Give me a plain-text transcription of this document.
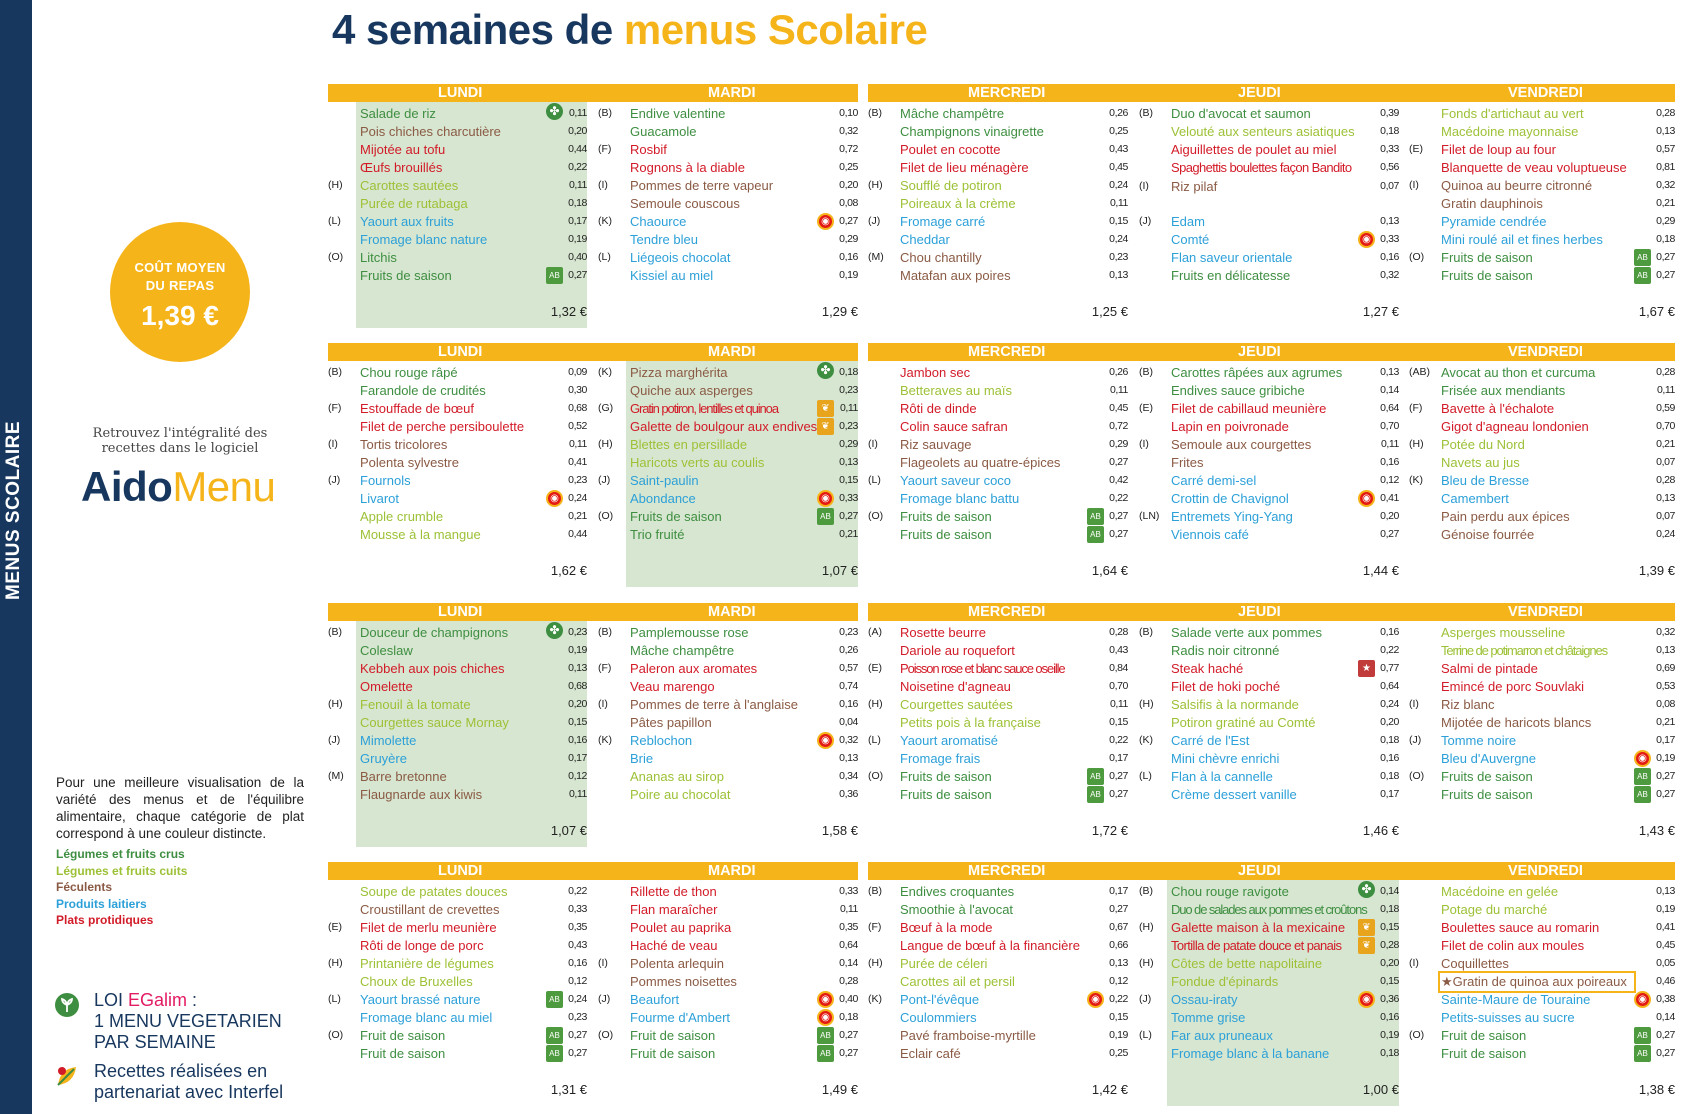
MENUS SCOLAIRE
4 semaines de menus Scolaire
COÛT MOYEN
DU REPAS
1,39 €
Retrouvez l'intégralité des recettes dans le logiciel
AidoMenu
Pour une meilleure visualisation de la variété des menus et de l'équilibre alimentaire, chaque catégorie de plat correspond à une couleur distincte.
Légumes et fruits crus
Légumes et fruits cuits
Féculents
Produits laitiers
Plats protidiques
LOI EGalim :
1 MENU VEGETARIEN
PAR SEMAINE
Recettes réalisées en
partenariat avec Interfel
LUNDI	MARDI
✤
Salade de riz	0,11
Pois chiches charcutière	0,20
Mijotée au tofu	0,44
Œufs brouillés	0,22
(H) Carottes sautées	0,11
Purée de rutabaga	0,18
(L) Yaourt aux fruits	0,17
Fromage blanc nature	0,19
(O) Litchis	0,40
Fruits de saison	AB 0,27
1,32 €
(B) Endive valentine	0,10
Guacamole	0,32
(F) Rosbif	0,72
Rognons à la diable	0,25
(I) Pommes de terre vapeur	0,20
Semoule couscous	0,08
(K) Chaource	◉ 0,27
Tendre bleu	0,29
(L) Liégeois chocolat	0,16
Kissiel au miel	0,19
1,29 €
MERCREDI	JEUDI	VENDREDI
(B) Mâche champêtre	0,26
Champignons vinaigrette	0,25
Poulet en cocotte	0,43
Filet de lieu ménagère	0,45
(H) Soufflé de potiron	0,24
Poireaux à la crème	0,11
(J) Fromage carré	0,15
Cheddar	0,24
(M) Chou chantilly	0,23
Matafan aux poires	0,13
1,25 €
(B) Duo d'avocat et saumon	0,39
Velouté aux senteurs asiatiques 0,18
Aiguillettes de poulet au miel	0,33
Spaghettis boulettes façon Bandito	0,56
(I) Riz pilaf	0,07
(J) Edam	0,13
Comté	◉ 0,33
Flan saveur orientale	0,16
Fruits en délicatesse	0,32
1,27 €
Fonds d'artichaut au vert	0,28
Macédoine mayonnaise	0,13
(E) Filet de loup au four	0,57
Blanquette de veau voluptueuse	0,81
(I) Quinoa au beurre citronné	0,32
Gratin dauphinois	0,21
Pyramide cendrée	0,29
Mini roulé ail et fines herbes	0,18
(O) Fruits de saison	AB 0,27
Fruits de saison	AB 0,27
1,67 €
LUNDI	MARDI
(B) Chou rouge râpé	0,09
Farandole de crudités	0,30
(F) Estouffade de bœuf	0,68
Filet de perche persiboulette	0,52
(I) Tortis tricolores	0,11
Polenta sylvestre	0,41
(J) Fournols	0,23
Livarot	◉ 0,24
Apple crumble	0,21
Mousse à la mangue	0,44
1,62 €
✤
(K) Pizza marghérita	0,18
Quiche aux asperges	0,23
(G) Gratin potiron, lentilles et quinoa	❦ 0,11
Galette de boulgour aux endives ❦ 0,23
(H) Blettes en persillade	0,29
Haricots verts au coulis	0,13
(J) Saint-paulin	0,15
Abondance	◉ 0,33
(O) Fruits de saison	AB 0,27
Trio fruité	0,21
1,07 €
MERCREDI	JEUDI	VENDREDI
Jambon sec	0,26
Betteraves au maïs	0,11
Rôti de dinde	0,45
Colin sauce safran	0,72
(I) Riz sauvage	0,29
Flageolets au quatre-épices	0,27
(L) Yaourt saveur coco	0,42
Fromage blanc battu	0,22
(O) Fruits de saison	AB 0,27
Fruits de saison	AB 0,27
1,64 €
(B) Carottes râpées aux agrumes	0,13
Endives sauce gribiche	0,14
(E) Filet de cabillaud meunière	0,64
Lapin en poivronade	0,70
(I) Semoule aux courgettes	0,11
Frites	0,16
Carré demi-sel	0,12
Crottin de Chavignol	◉ 0,41
(LN) Entremets Ying-Yang	0,20
Viennois café	0,27
1,44 €
(AB) Avocat au thon et curcuma	0,28
Frisée aux mendiants	0,11
(F) Bavette à l'échalote	0,59
Gigot d'agneau londonien	0,70
(H) Potée du Nord	0,21
Navets au jus	0,07
(K) Bleu de Bresse	0,28
Camembert	0,13
Pain perdu aux épices	0,07
Génoise fourrée	0,24
1,39 €
LUNDI	MARDI
✤
(B) Douceur de champignons	0,23
Coleslaw	0,19
Kebbeh aux pois chiches	0,13
Omelette	0,68
(H) Fenouil à la tomate	0,20
Courgettes sauce Mornay	0,15
(J) Mimolette	0,16
Gruyère	0,17
(M) Barre bretonne	0,12
Flaugnarde aux kiwis	0,11
1,07 €
(B) Pamplemousse rose	0,23
Mâche champêtre	0,26
(F) Paleron aux aromates	0,57
Veau marengo	0,74
(I) Pommes de terre à l'anglaise	0,16
Pâtes papillon	0,04
(K) Reblochon	◉ 0,32
Brie	0,13
Ananas au sirop	0,34
Poire au chocolat	0,36
1,58 €
MERCREDI	JEUDI	VENDREDI
(A) Rosette beurre	0,28
Dariole au roquefort	0,43
(E) Poisson rose et blanc sauce oseille	0,84
Noisetine d'agneau	0,70
(H) Courgettes sautées	0,11
Petits pois à la française	0,15
(L) Yaourt aromatisé	0,22
Fromage frais	0,17
(O) Fruits de saison	AB 0,27
Fruits de saison	AB 0,27
1,72 €
(B) Salade verte aux pommes	0,16
Radis noir citronné	0,22
Steak haché	★ 0,77
Filet de hoki poché	0,64
(H) Salsifis à la normande	0,24
Potiron gratiné au Comté	0,20
(K) Carré de l'Est	0,18
Mini chèvre enrichi	0,16
(L) Flan à la cannelle	0,18
Crème dessert vanille	0,17
1,46 €
Asperges mousseline	0,32
Terrine de potimarron et châtaignes	0,13
Salmi de pintade	0,69
Emincé de porc Souvlaki	0,53
(I) Riz blanc	0,08
Mijotée de haricots blancs	0,21
(J) Tomme noire	0,17
Bleu d'Auvergne	◉ 0,19
(O) Fruits de saison	AB 0,27
Fruits de saison	AB 0,27
1,43 €
LUNDI	MARDI
Soupe de patates douces	0,22
Croustillant de crevettes	0,33
(E) Filet de merlu meunière	0,35
Rôti de longe de porc	0,43
(H) Printanière de légumes	0,16
Choux de Bruxelles	0,12
(L) Yaourt brassé nature	AB 0,24
Fromage blanc au miel	0,23
(O) Fruit de saison	AB 0,27
Fruit de saison	AB 0,27
1,31 €
Rillette de thon	0,33
Flan maraîcher	0,11
Poulet au paprika	0,35
Haché de veau	0,64
(I) Polenta arlequin	0,14
Pommes noisettes	0,28
(J) Beaufort	◉ 0,40
Fourme d'Ambert	◉ 0,18
(O) Fruit de saison	AB 0,27
Fruit de saison	AB 0,27
1,49 €
MERCREDI	JEUDI	VENDREDI
(B) Endives croquantes	0,17
Smoothie à l'avocat	0,27
(F) Bœuf à la mode	0,67
Langue de bœuf à la financière	0,66
(H) Purée de céleri	0,13
Carottes ail et persil	0,12
(K) Pont-l'évêque	◉ 0,22
Coulommiers	0,15
Pavé framboise-myrtille	0,19
Eclair café	0,25
1,42 €
✤
(B) Chou rouge ravigote	0,14
Duo de salades aux pommes et croûtons 0,18
(H) Galette maison à la mexicaine	❦ 0,15
Tortilla de patate douce et panais	❦ 0,28
(H) Côtes de bette napolitaine	0,20
Fondue d'épinards	0,15
(J) Ossau-iraty	◉ 0,36
Tomme grise	0,16
(L) Far aux pruneaux	0,19
Fromage blanc à la banane	0,18
1,00 €
Macédoine en gelée	0,13
Potage du marché	0,19
Boulettes sauce au romarin	0,41
Filet de colin aux moules	0,45
(I) Coquillettes	0,05
★Gratin de quinoa aux poireaux	0,46
Sainte-Maure de Touraine	◉ 0,38
Petits-suisses au sucre	0,14
(O) Fruit de saison	AB 0,27
Fruit de saison	AB 0,27
1,38 €
